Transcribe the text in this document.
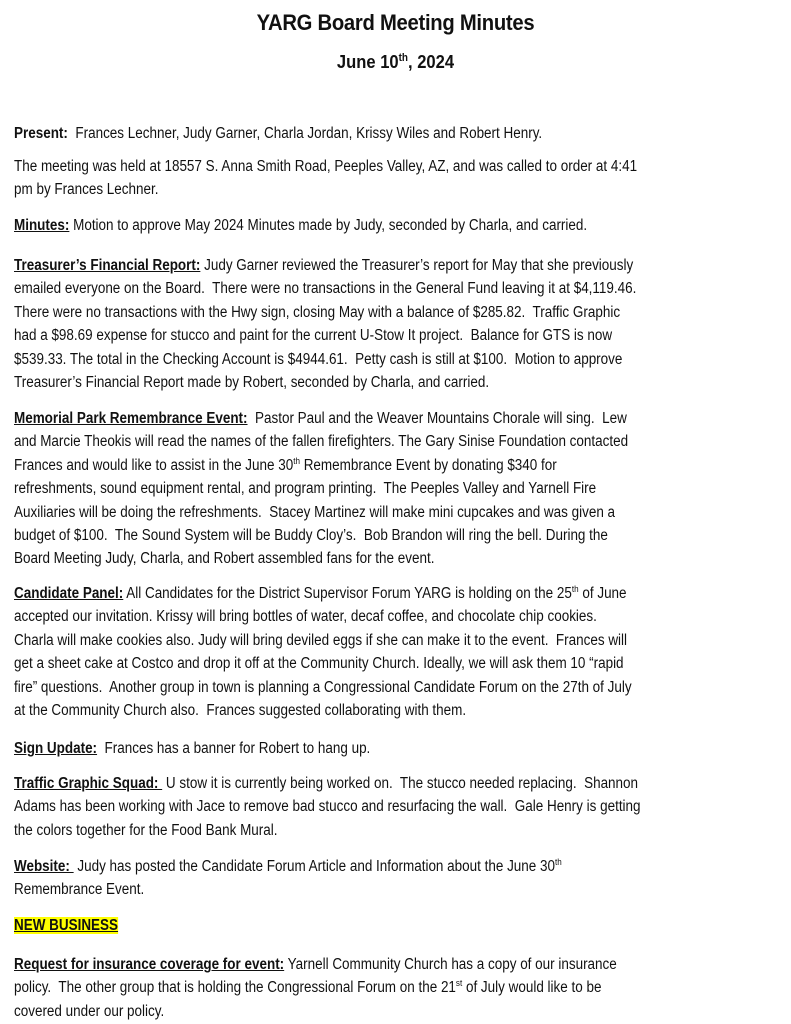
YARG Board Meeting Minutes
June 10th, 2024
Present:  Frances Lechner, Judy Garner, Charla Jordan, Krissy Wiles and Robert Henry.
The meeting was held at 18557 S. Anna Smith Road, Peeples Valley, AZ, and was called to order at 4:41
pm by Frances Lechner.
Minutes: Motion to approve May 2024 Minutes made by Judy, seconded by Charla, and carried.
Treasurer’s Financial Report: Judy Garner reviewed the Treasurer’s report for May that she previously
emailed everyone on the Board.  There were no transactions in the General Fund leaving it at $4,119.46.
There were no transactions with the Hwy sign, closing May with a balance of $285.82.  Traffic Graphic
had a $98.69 expense for stucco and paint for the current U-Stow It project.  Balance for GTS is now
$539.33. The total in the Checking Account is $4944.61.  Petty cash is still at $100.  Motion to approve
Treasurer’s Financial Report made by Robert, seconded by Charla, and carried.
Memorial Park Remembrance Event:  Pastor Paul and the Weaver Mountains Chorale will sing.  Lew
and Marcie Theokis will read the names of the fallen firefighters. The Gary Sinise Foundation contacted
Frances and would like to assist in the June 30th Remembrance Event by donating $340 for
refreshments, sound equipment rental, and program printing.  The Peeples Valley and Yarnell Fire
Auxiliaries will be doing the refreshments.  Stacey Martinez will make mini cupcakes and was given a
budget of $100.  The Sound System will be Buddy Cloy’s.  Bob Brandon will ring the bell. During the
Board Meeting Judy, Charla, and Robert assembled fans for the event.
Candidate Panel: All Candidates for the District Supervisor Forum YARG is holding on the 25th of June
accepted our invitation. Krissy will bring bottles of water, decaf coffee, and chocolate chip cookies.
Charla will make cookies also. Judy will bring deviled eggs if she can make it to the event.  Frances will
get a sheet cake at Costco and drop it off at the Community Church. Ideally, we will ask them 10 “rapid
fire” questions.  Another group in town is planning a Congressional Candidate Forum on the 27th of July
at the Community Church also.  Frances suggested collaborating with them.
Sign Update:  Frances has a banner for Robert to hang up.
Traffic Graphic Squad:  U stow it is currently being worked on.  The stucco needed replacing.  Shannon
Adams has been working with Jace to remove bad stucco and resurfacing the wall.  Gale Henry is getting
the colors together for the Food Bank Mural.
Website:  Judy has posted the Candidate Forum Article and Information about the June 30th
Remembrance Event.
NEW BUSINESS
Request for insurance coverage for event: Yarnell Community Church has a copy of our insurance
policy.  The other group that is holding the Congressional Forum on the 21st of July would like to be
covered under our policy.
